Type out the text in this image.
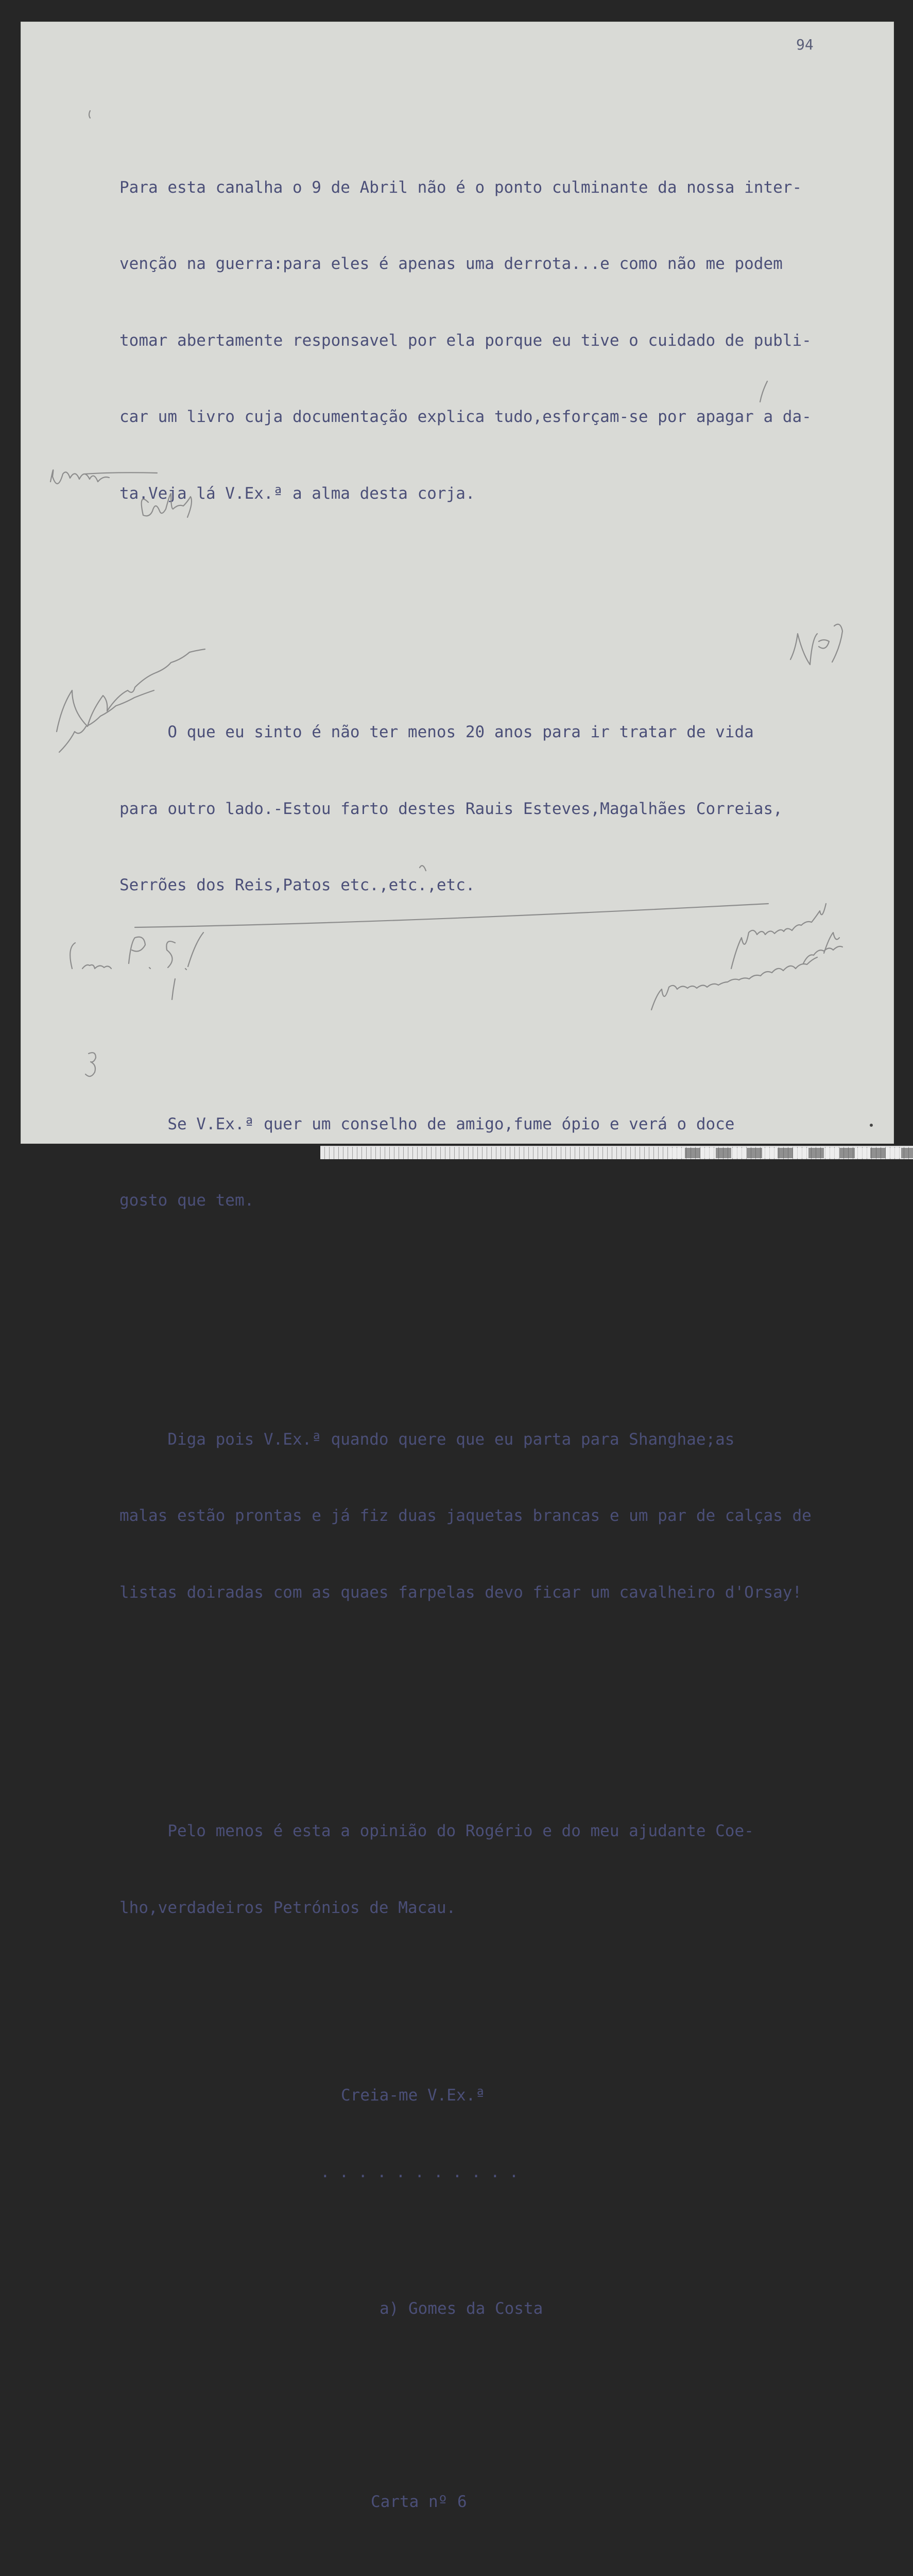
94

Para esta canalha o 9 de Abril não é o ponto culminante da nossa inter-

venção na guerra:para eles é apenas uma derrota...e como não me podem

tomar abertamente responsavel por ela porque eu tive o cuidado de publi-

car um livro cuja documentação explica tudo,esforçam-se por apagar a da-

ta.Veja lá V.Ex.ª a alma desta corja.

O que eu sinto é não ter menos 20 anos para ir tratar de vida

para outro lado.-Estou farto destes Rauis Esteves,Magalhães Correias,

Serrões dos Reis,Patos etc.,etc.,etc.

Se V.Ex.ª quer um conselho de amigo,fume ópio e verá o doce

gosto que tem.

Diga pois V.Ex.ª quando quere que eu parta para Shanghae;as

malas estão prontas e já fiz duas jaquetas brancas e um par de calças de

listas doiradas com as quaes farpelas devo ficar um cavalheiro d'Orsay!

Pelo menos é esta a opinião do Rogério e do meu ajudante Coe-

lho,verdadeiros Petrónios de Macau.

Creia-me V.Ex.ª

...........

a) Gomes da Costa

Carta nº 6
